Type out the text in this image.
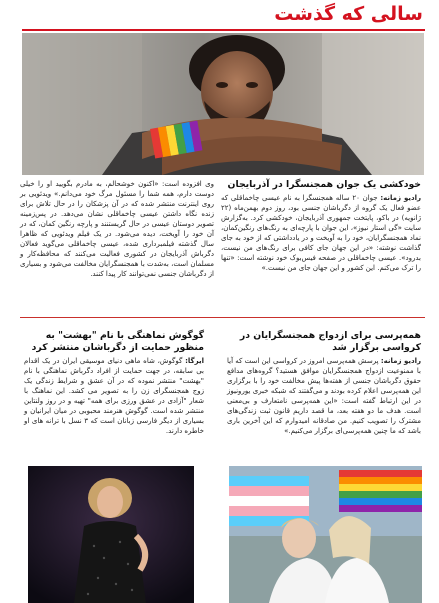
سالی که گذشت
خودکشی یک جوان همجنسگرا در آذربایجان

رادیو زمانه: جوان ۲۰ ساله همجنسگرا به نام عیسی چاخماقلی که عضو فعال یک گروه از دگرباشان جنسی بود، روز دوم بهمن‌ماه (۲۲ ژانویه) در باکو، پایتخت جمهوری آذربایجان، خودکشی کرد. به‌گزارش سایت «گی استار نیوز»، این جوان با پارچه‌ای به رنگ‌های رنگین‌کمان، نماد همجنسگرایان، خود را به آویخت و در یادداشتی که از خود به جای گذاشت نوشته: «در این جهان جای کافی برای رنگ‌های من نیست، بدرود». عیسی چاخماقلی در صفحه فیس‌بوک خود نوشته است: «تنها را ترک می‌کنم. این کشور و این جهان جای من نیست.»

وی افزوده است: «اکنون خوشحالم، به مادرم بگویید او را خیلی دوست دارم، همه شما را مسئول مرگ خود می‌دانم.» ویدئویی بر روی اینترنت منتشر شده که در آن پزشکان را در حال تلاش برای زنده نگاه داشتن عیسی چاخماقلی نشان می‌دهد. در پس‌زمینه تصویر دوستان عیسی در حال گریستنند و پارچه رنگین کمان، که در آن خود را آویخت، دیده می‌شود. در یک فیلم ویدئویی که ظاهرا سال گذشته فیلمبرداری شده، عیسی چاخماقلی می‌گوید فعالان دگرباش آذربایجان در کشوری فعالیت می‌کنند که محافظه‌کار و مسلمان است، به‌شدت با همجنسگرایان مخالفت می‌شود و بسیاری از دگرباشان جنسی نمی‌توانند کار پیدا کنند.

همه‌پرسی برای ازدواج همجنسگرایان در کرواسی برگزار شد

رادیو زمانه: پرسش همه‌پرسی امروز در کرواسی این است که آیا با ممنوعیت ازدواج همجنسگرایان موافق هستید؟ گروه‌های مدافع حقوق دگرباشان جنسی از هفته‌ها پیش مخالفت خود را با برگزاری این همه‌پرسی اعلام کرده بودند و می‌گفتند که شبکه خبری یورونیوز در این ارتباط گفته است: «این همه‌پرسی نامتعارف و بی‌معنی است. هدف ما دو هفته بعد، ما قصد داریم قانون ثبت زندگی‌های مشترک را تصویب کنیم. من صادقانه امیدوارم که این آخرین باری باشد که ما چنین همه‌پرسی‌ای برگزار می‌کنیم.»

گوگوش نماهنگی با نام "بهشت" به منظور حمایت از دگرباشان منتشر کرد

ایرگا: گوگوش، شاه ماهی دنیای موسیقی ایران در یک اقدام بی سابقه، در جهت حمایت از افراد دگرباش نماهنگی با نام "بهشت" منتشر نموده که در آن عشق و شرایط زندگی یک زوج همجنسگرای زن را به تصویر می کشد. این نماهنگ با شعار "آزادی در عشق ورزی برای همه" تهیه و در روز ولنتاین منتشر شده است. گوگوش هنرمند محبوبی در میان ایرانیان و بسیاری از دیگر فارسی زبانان است که ۳ نسل با ترانه های او خاطره دارند.
